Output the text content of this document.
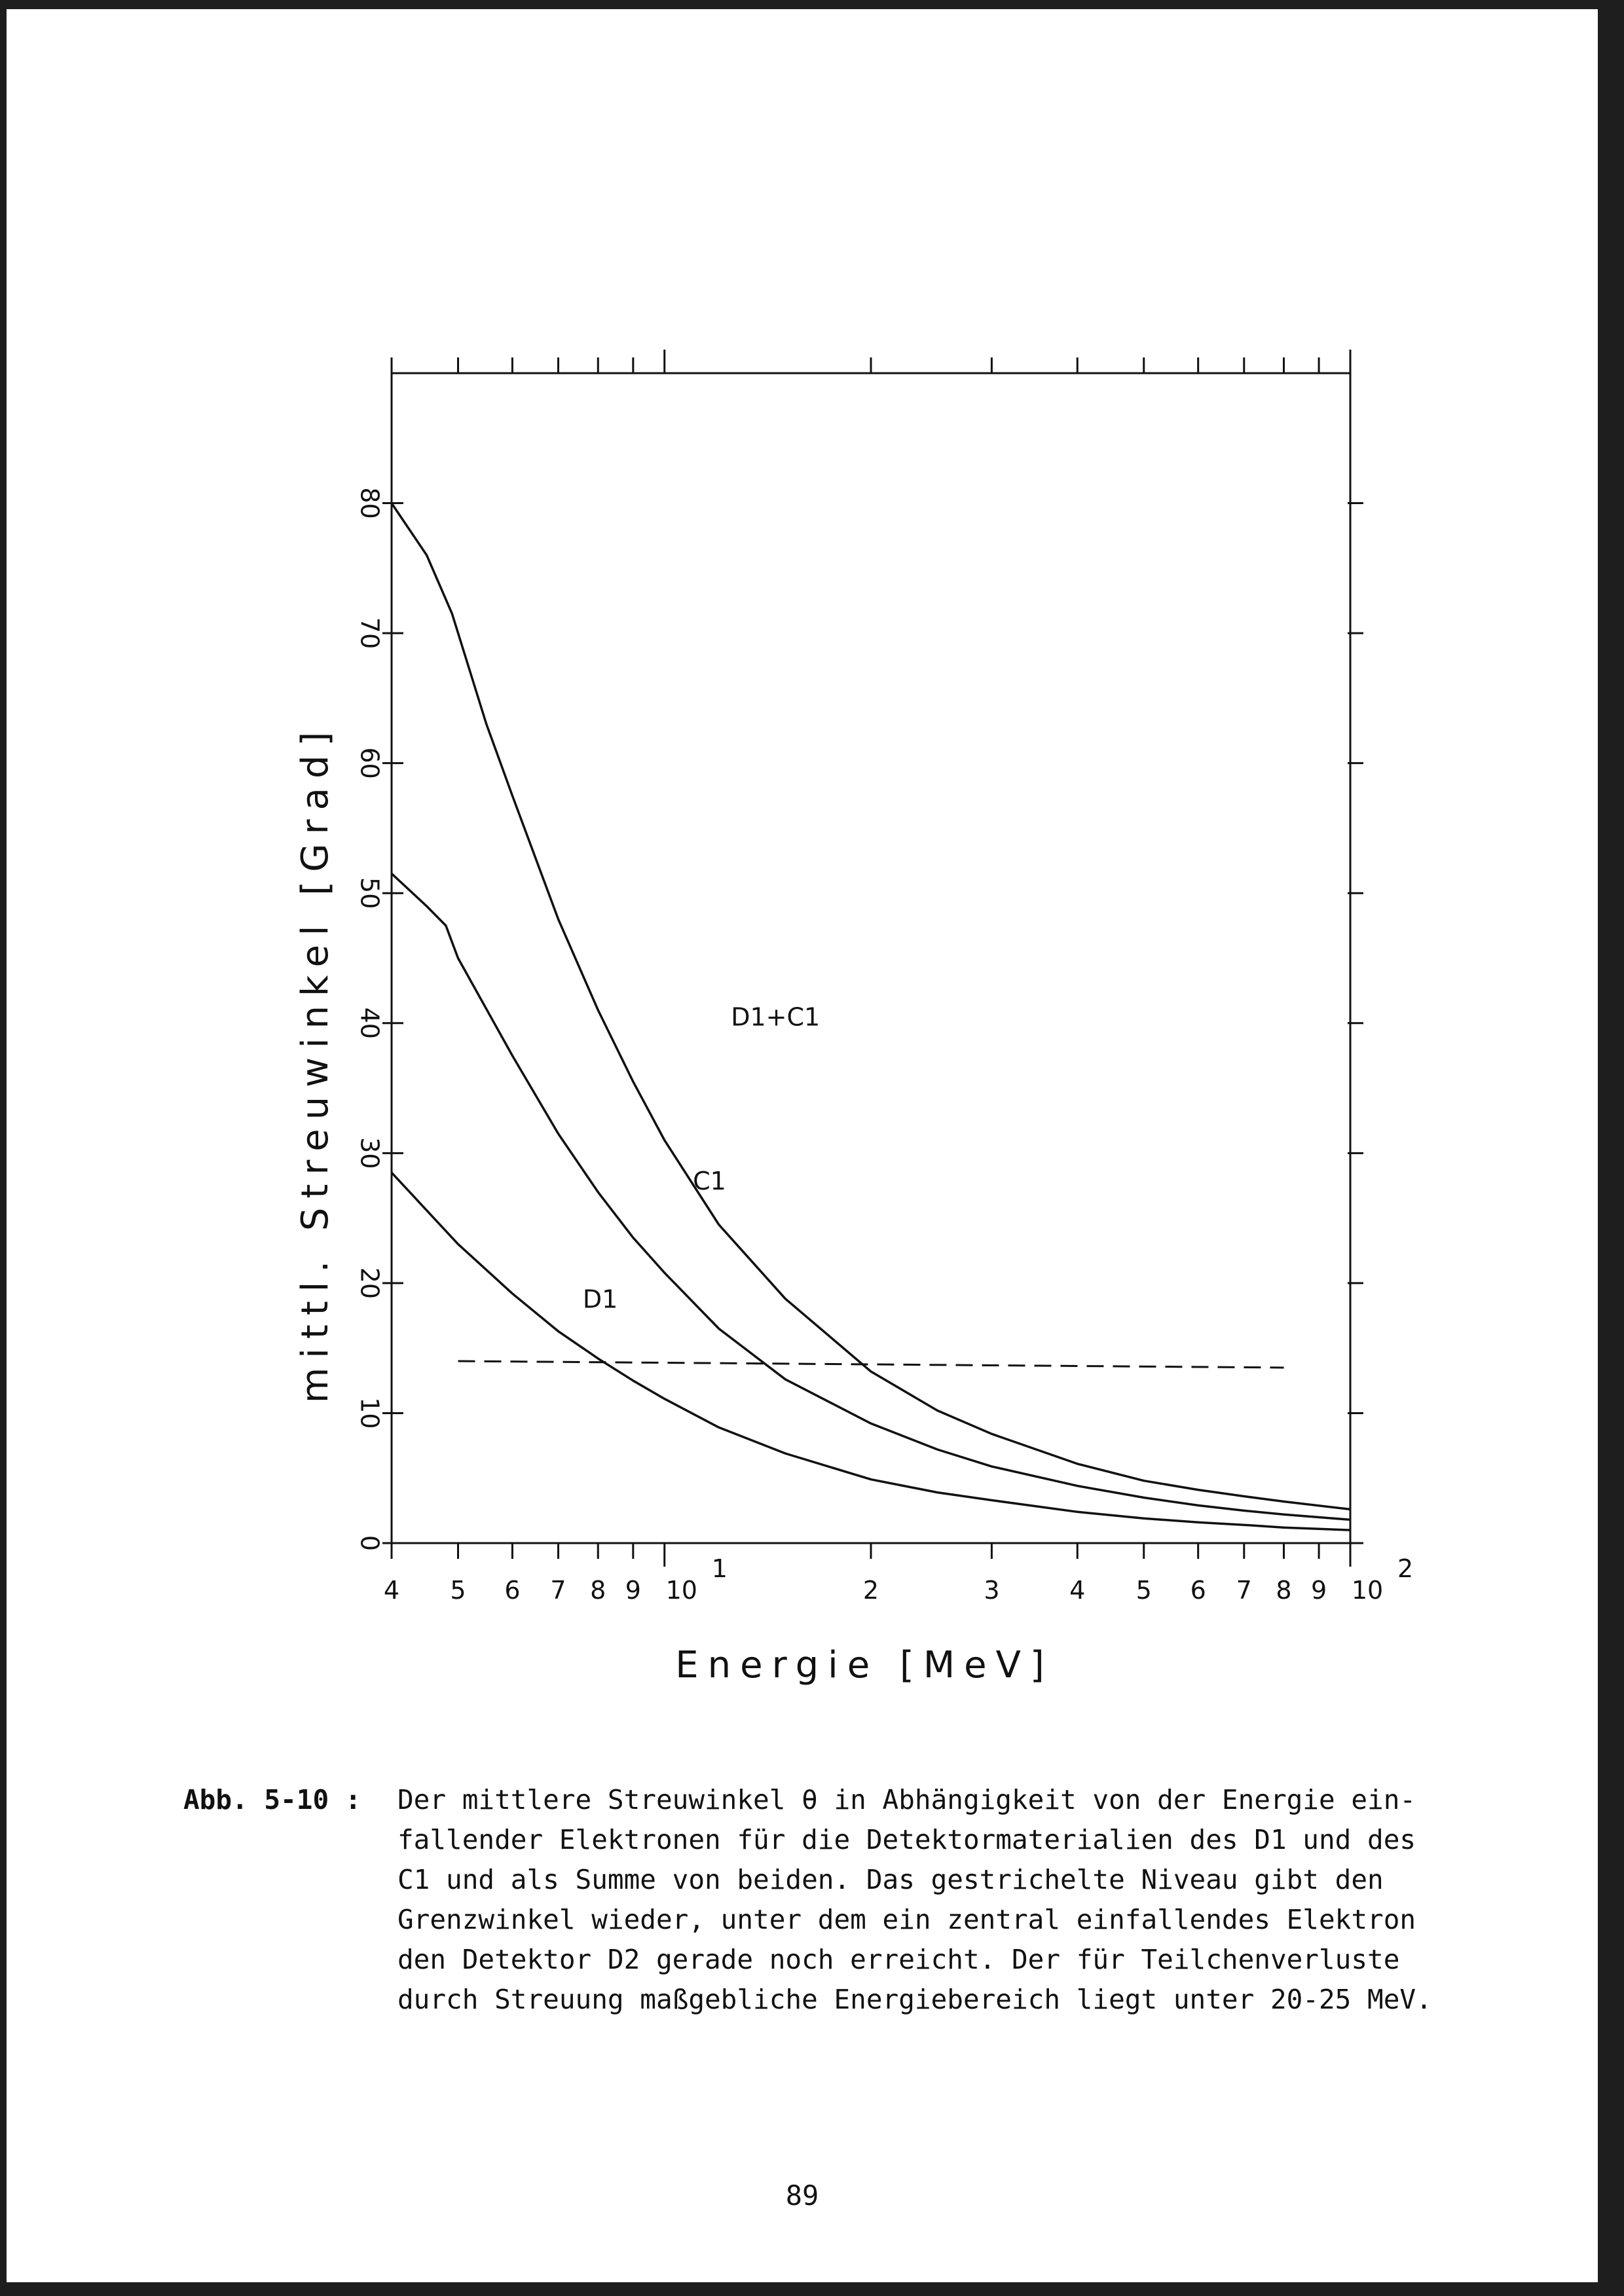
4 5 6 7 8 9 10
1
2	3	4 5 6 7 8 9 10
2
0
10
20
30
40
50
60
70
80
Energie [MeV]
mittl. Streuwinkel [Grad]	D1+C1
C1
D1
Abb. 5-10 : Der mittlere Streuwinkel θ in Abhängigkeit von der Energie ein-
fallender Elektronen für die Detektormaterialien des D1 und des
C1 und als Summe von beiden. Das gestrichelte Niveau gibt den
Grenzwinkel wieder, unter dem ein zentral einfallendes Elektron
den Detektor D2 gerade noch erreicht. Der für Teilchenverluste
durch Streuung maßgebliche Energiebereich liegt unter 20-25 MeV.
89
